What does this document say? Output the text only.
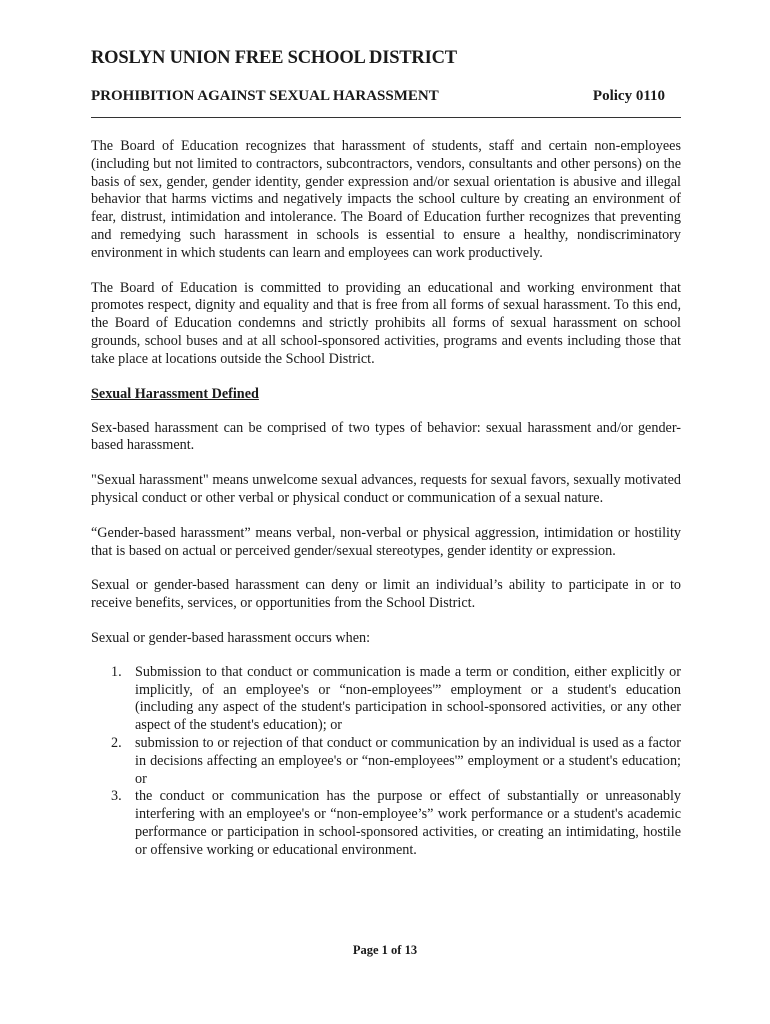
ROSLYN UNION FREE SCHOOL DISTRICT
PROHIBITION AGAINST SEXUAL HARASSMENT	Policy 0110

The Board of Education recognizes that harassment of students, staff and certain non-employees (including but not limited to contractors, subcontractors, vendors, consultants and other persons) on the basis of sex, gender, gender identity, gender expression and/or sexual orientation is abusive and illegal behavior that harms victims and negatively impacts the school culture by creating an environment of fear, distrust, intimidation and intolerance. The Board of Education further recognizes that preventing and remedying such harassment in schools is essential to ensure a healthy, nondiscriminatory environment in which students can learn and employees can work productively.

The Board of Education is committed to providing an educational and working environment that promotes respect, dignity and equality and that is free from all forms of sexual harassment. To this end, the Board of Education condemns and strictly prohibits all forms of sexual harassment on school grounds, school buses and at all school-sponsored activities, programs and events including those that take place at locations outside the School District.

Sexual Harassment Defined

Sex-based harassment can be comprised of two types of behavior: sexual harassment and/or gender-based harassment.

"Sexual harassment" means unwelcome sexual advances, requests for sexual favors, sexually motivated physical conduct or other verbal or physical conduct or communication of a sexual nature.

“Gender-based harassment” means verbal, non-verbal or physical aggression, intimidation or hostility that is based on actual or perceived gender/sexual stereotypes, gender identity or expression.

Sexual or gender-based harassment can deny or limit an individual’s ability to participate in or to receive benefits, services, or opportunities from the School District.

Sexual or gender-based harassment occurs when:

1. Submission to that conduct or communication is made a term or condition, either explicitly or implicitly, of an employee's or “non-employees'” employment or a student's education (including any aspect of the student's participation in school-sponsored activities, or any other aspect of the student's education); or
2. submission to or rejection of that conduct or communication by an individual is used as a factor in decisions affecting an employee's or “non-employees'” employment or a student's education; or
3. the conduct or communication has the purpose or effect of substantially or unreasonably interfering with an employee's or “non-employee’s” work performance or a student's academic performance or participation in school-sponsored activities, or creating an intimidating, hostile or offensive working or educational environment.
Page 1 of 13
